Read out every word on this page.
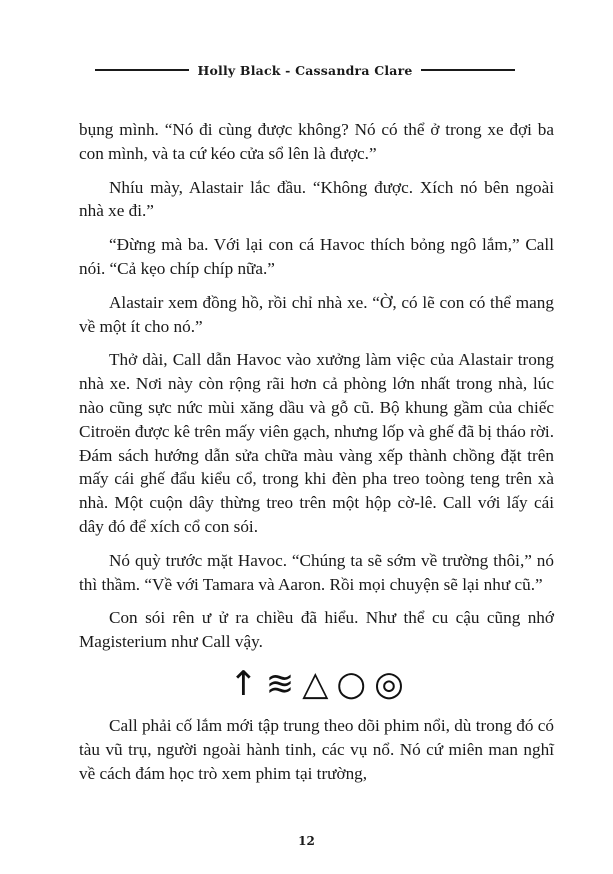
Holly Black - Cassandra Clare

bụng mình. “Nó đi cùng được không? Nó có thể ở trong xe đợi ba con mình, và ta cứ kéo cửa sổ lên là được.”

Nhíu mày, Alastair lắc đầu. “Không được. Xích nó bên ngoài nhà xe đi.”

“Đừng mà ba. Với lại con cá Havoc thích bỏng ngô lắm,” Call nói. “Cả kẹo chíp chíp nữa.”

Alastair xem đồng hồ, rồi chỉ nhà xe. “Ờ, có lẽ con có thể mang về một ít cho nó.”

Thở dài, Call dẫn Havoc vào xưởng làm việc của Alastair trong nhà xe. Nơi này còn rộng rãi hơn cả phòng lớn nhất trong nhà, lúc nào cũng sực nức mùi xăng dầu và gỗ cũ. Bộ khung gầm của chiếc Citroën được kê trên mấy viên gạch, nhưng lốp và ghế đã bị tháo rời. Đám sách hướng dẫn sửa chữa màu vàng xếp thành chồng đặt trên mấy cái ghế đẩu kiểu cổ, trong khi đèn pha treo toòng teng trên xà nhà. Một cuộn dây thừng treo trên một hộp cờ-lê. Call với lấy cái dây đó để xích cổ con sói.

Nó quỳ trước mặt Havoc. “Chúng ta sẽ sớm về trường thôi,” nó thì thầm. “Về với Tamara và Aaron. Rồi mọi chuyện sẽ lại như cũ.”

Con sói rên ư ử ra chiều đã hiểu. Như thể cu cậu cũng nhớ Magisterium như Call vậy.

↑ ≋ △ ○ ◎

Call phải cố lắm mới tập trung theo dõi phim nổi, dù trong đó có tàu vũ trụ, người ngoài hành tinh, các vụ nổ. Nó cứ miên man nghĩ về cách đám học trò xem phim tại trường,

12
